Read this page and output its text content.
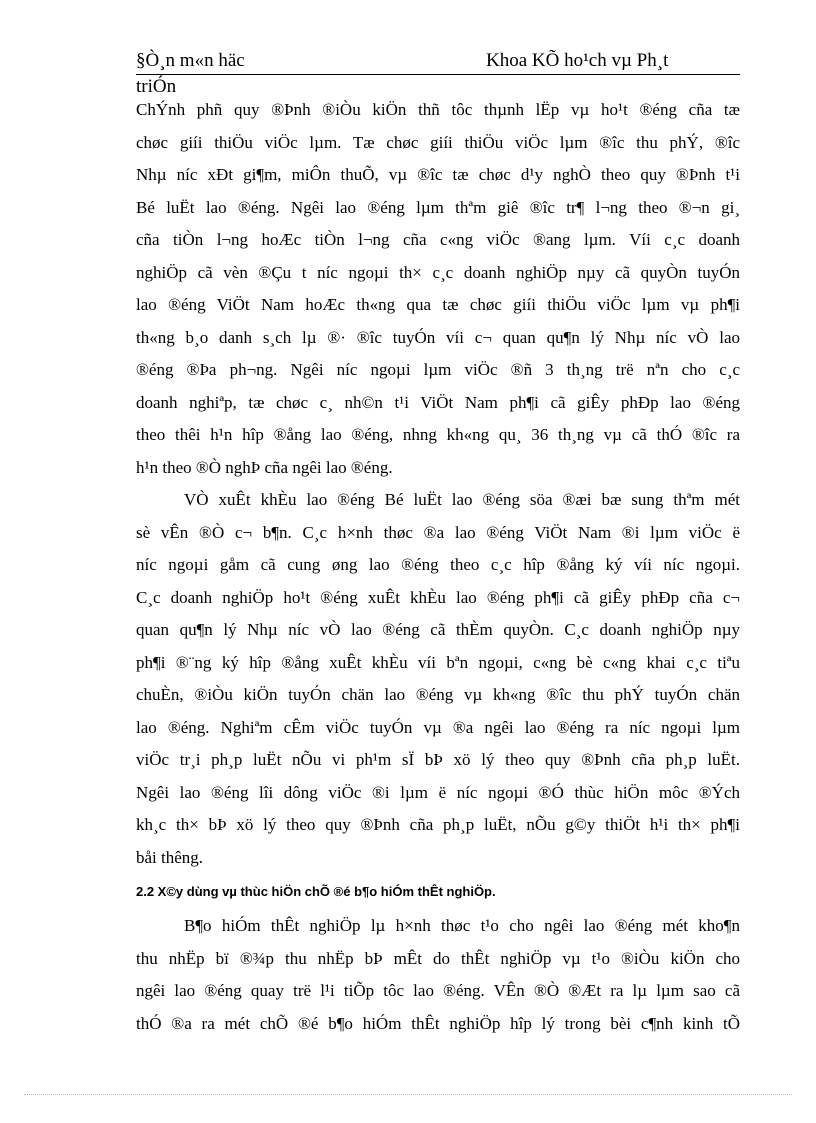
§Ò¸n m«n häc	Khoa KÕ ho¹ch vµ Ph¸t
triÓn
ChÝnh phñ quy ®Þnh ®iÒu kiÖn thñ tôc thµnh lËp vµ ho¹t ®éng cña tæ
chøc giíi thiÖu viÖc lµm. Tæ chøc giíi thiÖu viÖc lµm ®îc thu phÝ, ®îc
Nhµ níc xÐt gi¶m, miÔn thuÕ, vµ ®îc tæ chøc d¹y nghÒ theo quy ®Þnh t¹i
Bé luËt lao ®éng. Ngêi lao ®éng lµm thªm giê ®îc tr¶ l¬ng theo ®¬n gi¸
cña tiÒn l¬ng hoÆc tiÒn l¬ng cña c«ng viÖc ®ang lµm. Víi c¸c doanh
nghiÖp cã vèn ®Çu t níc ngoµi th× c¸c doanh nghiÖp nµy cã quyÒn tuyÓn
lao ®éng ViÖt Nam hoÆc th«ng qua tæ chøc giíi thiÖu viÖc lµm vµ ph¶i
th«ng b¸o danh s¸ch lµ ®· ®îc tuyÓn víi c¬ quan qu¶n lý Nhµ níc vÒ lao
®éng ®Þa ph¬ng. Ngêi níc ngoµi lµm viÖc ®ñ 3 th¸ng trë nªn cho c¸c
doanh nghiªp, tæ chøc c¸ nh©n t¹i ViÖt Nam ph¶i cã giÊy phÐp lao ®éng
theo thêi h¹n hîp ®ång lao ®éng, nhng kh«ng qu¸ 36 th¸ng vµ cã thÓ ®îc ra
h¹n theo ®Ò nghÞ cña ngêi lao ®éng.
VÒ xuÊt khÈu lao ®éng Bé luËt lao ®éng söa ®æi bæ sung thªm mét
sè vÊn ®Ò c¬ b¶n. C¸c h×nh thøc ®a lao ®éng ViÖt Nam ®i lµm viÖc ë
níc ngoµi gåm cã cung øng lao ®éng theo c¸c hîp ®ång ký víi níc ngoµi.
C¸c doanh nghiÖp ho¹t ®éng xuÊt khÈu lao ®éng ph¶i cã giÊy phÐp cña c¬
quan qu¶n lý Nhµ níc vÒ lao ®éng cã thÈm quyÒn. C¸c doanh nghiÖp nµy
ph¶i ®¨ng ký hîp ®ång xuÊt khÈu víi bªn ngoµi, c«ng bè c«ng khai c¸c tiªu
chuÈn, ®iÒu kiÖn tuyÓn chän lao ®éng vµ kh«ng ®îc thu phÝ tuyÓn chän
lao ®éng. Nghiªm cÊm viÖc tuyÓn vµ ®a ngêi lao ®éng ra níc ngoµi lµm
viÖc tr¸i ph¸p luËt nÕu vi ph¹m sÏ bÞ xö lý theo quy ®Þnh cña ph¸p luËt.
Ngêi lao ®éng lîi dông viÖc ®i lµm ë níc ngoµi ®Ó thùc hiÖn môc ®Ých
kh¸c th× bÞ xö lý theo quy ®Þnh cña ph¸p luËt, nÕu g©y thiÖt h¹i th× ph¶i
båi thêng.
2.2 X©y dùng vµ thùc hiÖn chÕ ®é b¶o hiÓm thÊt nghiÖp.
B¶o hiÓm thÊt nghiÖp lµ h×nh thøc t¹o cho ngêi lao ®éng mét kho¶n
thu nhËp bï ®¾p thu nhËp bÞ mÊt do thÊt nghiÖp vµ t¹o ®iÒu kiÖn cho
ngêi lao ®éng quay trë l¹i tiÕp tôc lao ®éng. VÊn ®Ò ®Æt ra lµ lµm sao cã
thÓ ®a ra mét chÕ ®é b¶o hiÓm thÊt nghiÖp hîp lý trong bèi c¶nh kinh tÕ
